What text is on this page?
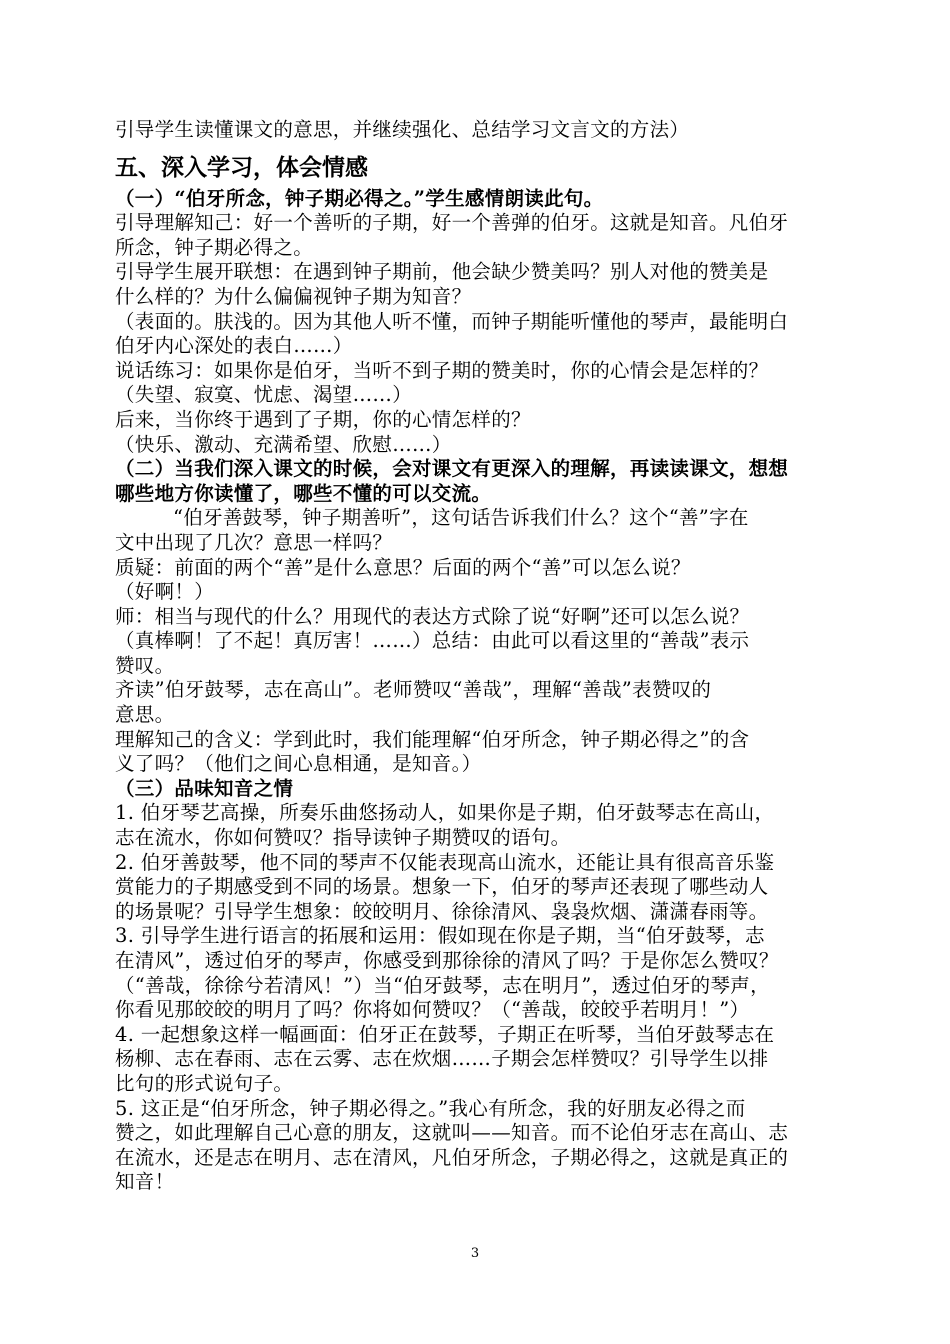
引导学生读懂课文的意思，并继续强化、总结学习文言文的方法）
五、深入学习，体会情感
（一）“伯牙所念，钟子期必得之。”学生感情朗读此句。
引导理解知己：好一个善听的子期，好一个善弹的伯牙。这就是知音。凡伯牙
所念，钟子期必得之。
引导学生展开联想：在遇到钟子期前，他会缺少赞美吗？别人对他的赞美是
什么样的？为什么偏偏视钟子期为知音？
（表面的。肤浅的。因为其他人听不懂，而钟子期能听懂他的琴声，最能明白
伯牙内心深处的表白……）
说话练习：如果你是伯牙，当听不到子期的赞美时，你的心情会是怎样的？
（失望、寂寞、忧虑、渴望……）
后来，当你终于遇到了子期，你的心情怎样的？
（快乐、激动、充满希望、欣慰……）
（二）当我们深入课文的时候，会对课文有更深入的理解，再读读课文，想想
哪些地方你读懂了，哪些不懂的可以交流。
“伯牙善鼓琴，钟子期善听”，这句话告诉我们什么？这个“善”字在
文中出现了几次？意思一样吗？
质疑：前面的两个“善”是什么意思？后面的两个“善”可以怎么说？
（好啊！）
师：相当与现代的什么？用现代的表达方式除了说“好啊”还可以怎么说？
（真棒啊！了不起！真厉害！……）总结：由此可以看这里的“善哉”表示
赞叹。
齐读”伯牙鼓琴，志在高山”。老师赞叹“善哉”，理解“善哉”表赞叹的
意思。
理解知己的含义：学到此时，我们能理解“伯牙所念，钟子期必得之”的含
义了吗？（他们之间心息相通，是知音。）
（三）品味知音之情
1. 伯牙琴艺高操，所奏乐曲悠扬动人，如果你是子期，伯牙鼓琴志在高山，
志在流水，你如何赞叹？指导读钟子期赞叹的语句。
2. 伯牙善鼓琴，他不同的琴声不仅能表现高山流水，还能让具有很高音乐鉴
赏能力的子期感受到不同的场景。想象一下，伯牙的琴声还表现了哪些动人
的场景呢？引导学生想象：皎皎明月、徐徐清风、袅袅炊烟、潇潇春雨等。
3. 引导学生进行语言的拓展和运用：假如现在你是子期，当“伯牙鼓琴，志
在清风”，透过伯牙的琴声，你感受到那徐徐的清风了吗？于是你怎么赞叹？
（“善哉，徐徐兮若清风！”）当“伯牙鼓琴，志在明月”，透过伯牙的琴声，
你看见那皎皎的明月了吗？你将如何赞叹？（“善哉，皎皎乎若明月！”）
4. 一起想象这样一幅画面：伯牙正在鼓琴，子期正在听琴，当伯牙鼓琴志在
杨柳、志在春雨、志在云雾、志在炊烟……子期会怎样赞叹？引导学生以排
比句的形式说句子。
5. 这正是“伯牙所念，钟子期必得之。”我心有所念，我的好朋友必得之而
赞之，如此理解自己心意的朋友，这就叫——知音。而不论伯牙志在高山、志
在流水，还是志在明月、志在清风，凡伯牙所念，子期必得之，这就是真正的
知音！
3
